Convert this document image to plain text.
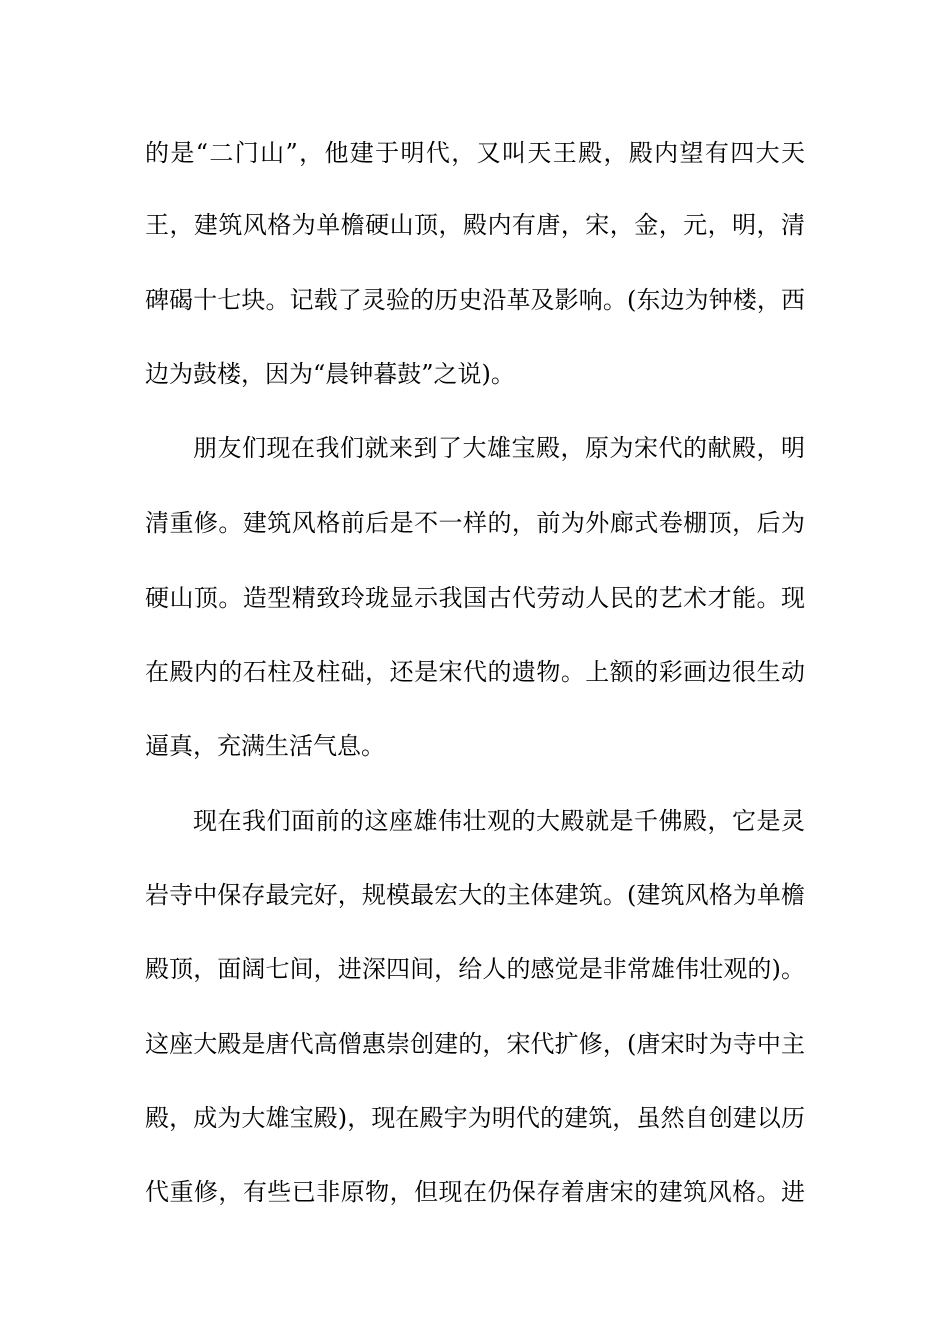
的是“二门山”，他建于明代，又叫天王殿，殿内望有四大天
王，建筑风格为单檐硬山顶，殿内有唐，宋，金，元，明，清
碑碣十七块。记载了灵验的历史沿革及影响。(东边为钟楼，西
边为鼓楼，因为“晨钟暮鼓”之说)。
朋友们现在我们就来到了大雄宝殿，原为宋代的献殿，明
清重修。建筑风格前后是不一样的，前为外廊式卷棚顶，后为
硬山顶。造型精致玲珑显示我国古代劳动人民的艺术才能。现
在殿内的石柱及柱础，还是宋代的遗物。上额的彩画边很生动
逼真，充满生活气息。
现在我们面前的这座雄伟壮观的大殿就是千佛殿，它是灵
岩寺中保存最完好，规模最宏大的主体建筑。(建筑风格为单檐
殿顶，面阔七间，进深四间，给人的感觉是非常雄伟壮观的)。
这座大殿是唐代高僧惠崇创建的，宋代扩修，(唐宋时为寺中主
殿，成为大雄宝殿)，现在殿宇为明代的建筑，虽然自创建以历
代重修，有些已非原物，但现在仍保存着唐宋的建筑风格。进
